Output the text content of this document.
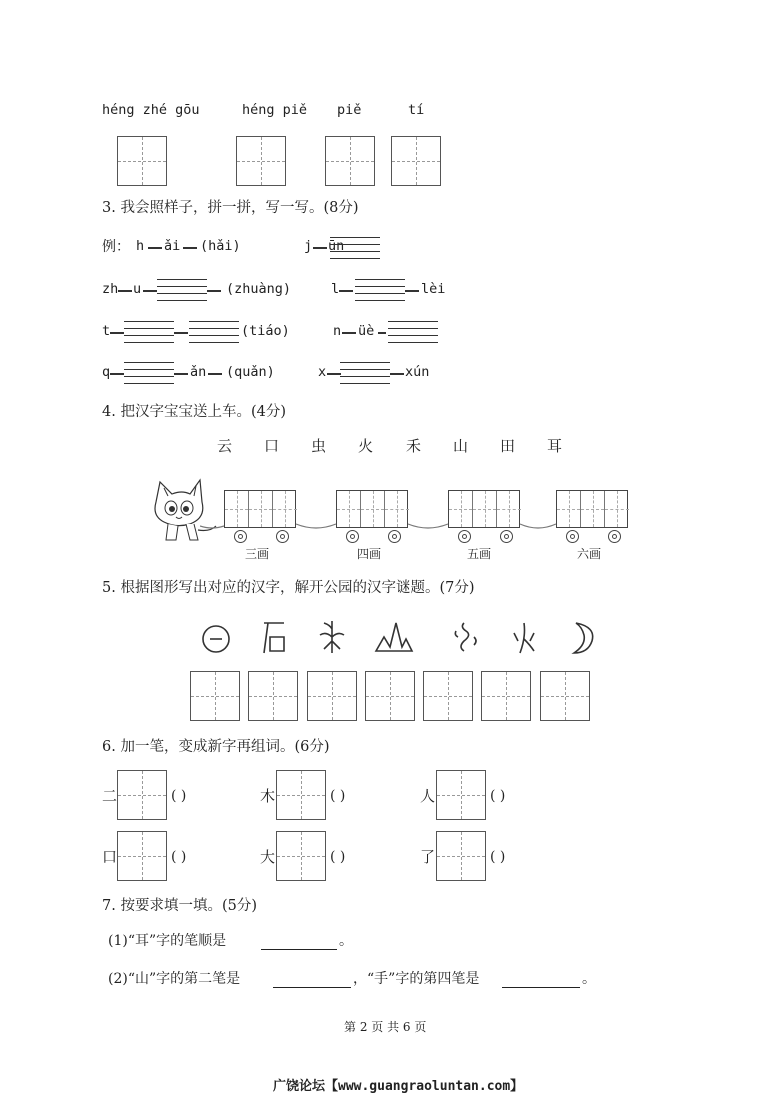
héng zhé gōu	héng piě piě	tí
3. 我会照样子，拼一拼，写一写。(8分)
例： h ǎi (hǎi)	j ūn
zh u	(zhuàng)	l	lèi
t	(tiáo)	n üè
q	ǎn (quǎn)	x	xún
4. 把汉字宝宝送上车。(4分)
云 口 虫 火 禾 山 田 耳
三画	四画	五画	六画
5. 根据图形写出对应的汉字，解开公园的汉字谜题。(7分)
6. 加一笔，变成新字再组词。(6分)
二	( )	木	( )	人	( )
口	( )	大	( )	了	( )
7. 按要求填一填。(5分)
(1)“耳”字的笔顺是	。
(2)“山”字的第二笔是	，“手”字的第四笔是	。
第 2 页 共 6 页
广饶论坛【www.guangraoluntan.com】
